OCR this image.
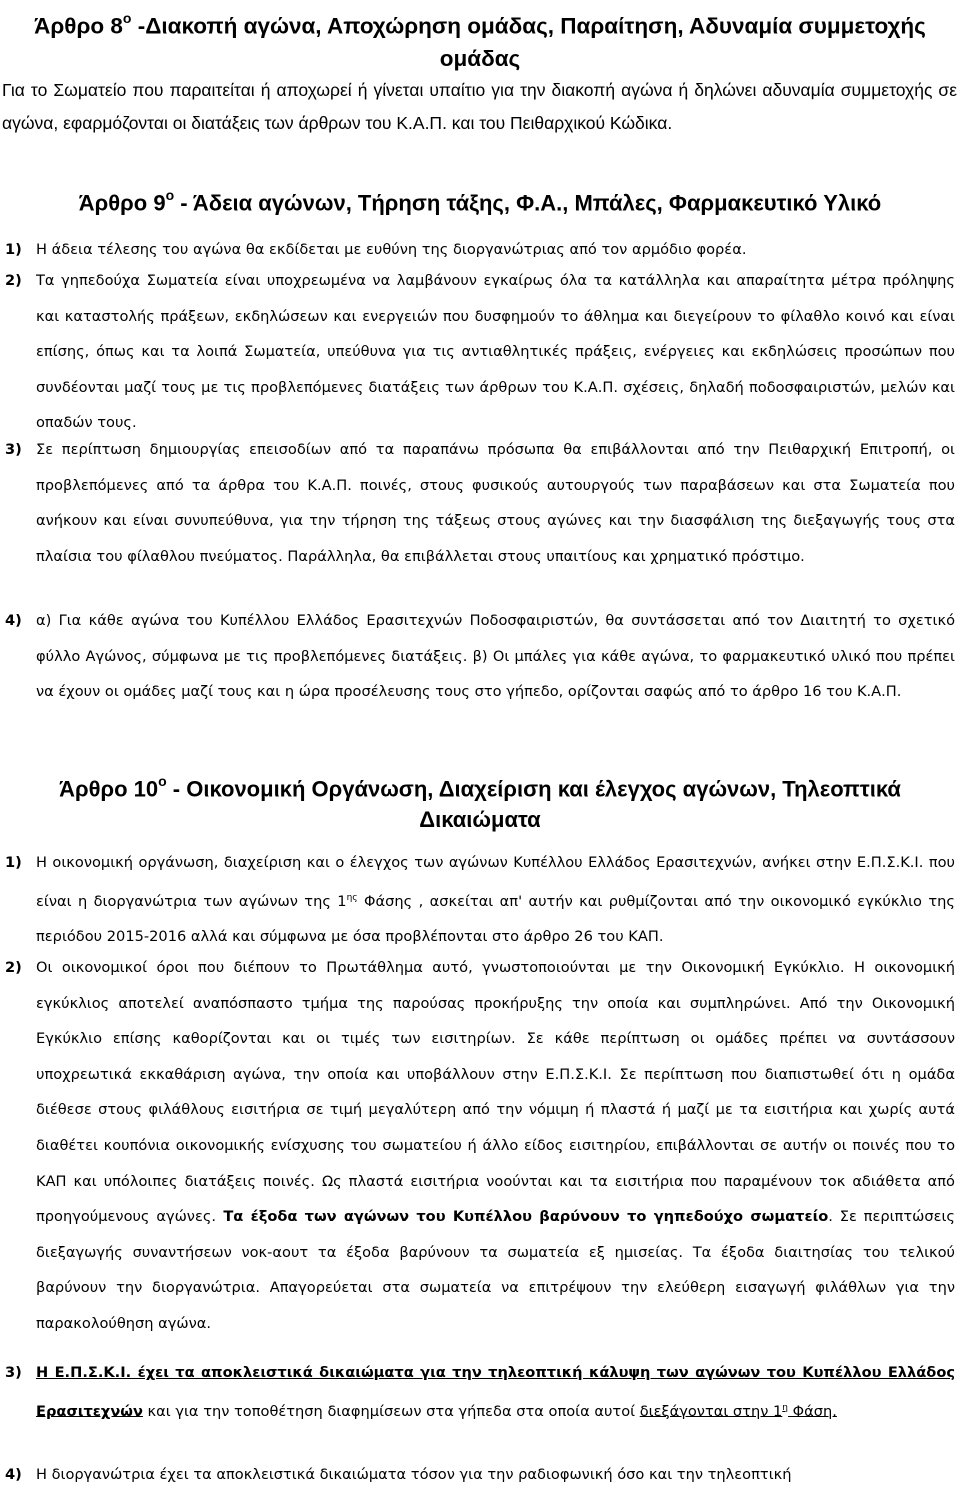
Άρθρο $8^o$ -Διακοπή αγώνα, Αποχώρηση ομάδας, Παραίτηση, Αδυναμία συμμετοχής ομάδας

Για το Σωματείο που παραιτείται ή αποχωρεί ή γίνεται υπαίτιο για την διακοπή αγώνα ή δηλώνει αδυναμία συμμετοχής σε αγώνα, εφαρμόζονται οι διατάξεις των άρθρων του Κ.Α.Π. και του Πειθαρχικού Κώδικα.

Άρθρο $9^o$ - Άδεια αγώνων, Τήρηση τάξης, Φ.Α., Μπάλες, Φαρμακευτικό Υλικό
1) Η άδεια τέλεσης του αγώνα θα εκδίδεται με ευθύνη της διοργανώτριας από τον αρμόδιο φορέα.
2) Τα γηπεδούχα Σωματεία είναι υποχρεωμένα να λαμβάνουν εγκαίρως όλα τα κατάλληλα και απαραίτητα μέτρα πρόληψης και καταστολής πράξεων, εκδηλώσεων και ενεργειών που δυσφημούν το άθλημα και διεγείρουν το φίλαθλο κοινό και είναι επίσης, όπως και τα λοιπά Σωματεία, υπεύθυνα για τις αντιαθλητικές πράξεις, ενέργειες και εκδηλώσεις προσώπων που συνδέονται μαζί τους με τις προβλεπόμενες διατάξεις των άρθρων του Κ.Α.Π. σχέσεις, δηλαδή ποδοσφαιριστών, μελών και οπαδών τους.
3) Σε περίπτωση δημιουργίας επεισοδίων από τα παραπάνω πρόσωπα θα επιβάλλονται από την Πειθαρχική Επιτροπή, οι προβλεπόμενες από τα άρθρα του Κ.Α.Π. ποινές, στους φυσικούς αυτουργούς των παραβάσεων και στα Σωματεία που ανήκουν και είναι συνυπεύθυνα, για την τήρηση της τάξεως στους αγώνες και την διασφάλιση της διεξαγωγής τους στα πλαίσια του φίλαθλου πνεύματος. Παράλληλα, θα επιβάλλεται στους υπαιτίους και χρηματικό πρόστιμο.
4) α) Για κάθε αγώνα του Κυπέλλου Ελλάδος Ερασιτεχνών Ποδοσφαιριστών, θα συντάσσεται από τον Διαιτητή το σχετικό φύλλο Αγώνος, σύμφωνα με τις προβλεπόμενες διατάξεις. β) Οι μπάλες για κάθε αγώνα, το φαρμακευτικό υλικό που πρέπει να έχουν οι ομάδες μαζί τους και η ώρα προσέλευσης τους στο γήπεδο, ορίζονται σαφώς από το άρθρο 16 του Κ.Α.Π.
Άρθρο $10^o$ - Οικονομική Οργάνωση, Διαχείριση και έλεγχος αγώνων, Τηλεοπτικά Δικαιώματα
1) Η οικονομική οργάνωση, διαχείριση και ο έλεγχος των αγώνων Κυπέλλου Ελλάδος Ερασιτεχνών, ανήκει στην Ε.Π.Σ.Κ.Ι. που είναι η διοργανώτρια των αγώνων της $1^{\eta\varsigma}$ Φάσης , ασκείται απ' αυτήν και ρυθμίζονται από την οικονομικό εγκύκλιο της περιόδου 2015-2016 αλλά και σύμφωνα με όσα προβλέπονται στο άρθρο 26 του ΚΑΠ.
2) Οι οικονομικοί όροι που διέπουν το Πρωτάθλημα αυτό, γνωστοποιούνται με την Οικονομική Εγκύκλιο. Η οικονομική εγκύκλιος αποτελεί αναπόσπαστο τμήμα της παρούσας προκήρυξης την οποία και συμπληρώνει. Από την Οικονομική Εγκύκλιο επίσης καθορίζονται και οι τιμές των εισιτηρίων. Σε κάθε περίπτωση οι ομάδες πρέπει να συντάσσουν υποχρεωτικά εκκαθάριση αγώνα, την οποία και υποβάλλουν στην Ε.Π.Σ.Κ.Ι. Σε περίπτωση που διαπιστωθεί ότι η ομάδα διέθεσε στους φιλάθλους εισιτήρια σε τιμή μεγαλύτερη από την νόμιμη ή πλαστά ή μαζί με τα εισιτήρια και χωρίς αυτά διαθέτει κουπόνια οικονομικής ενίσχυσης του σωματείου ή άλλο είδος εισιτηρίου, επιβάλλονται σε αυτήν οι ποινές που το ΚΑΠ και υπόλοιπες διατάξεις ποινές. Ως πλαστά εισιτήρια νοούνται και τα εισιτήρια που παραμένουν τοκ αδιάθετα από προηγούμενους αγώνες. Τα έξοδα των αγώνων του Κυπέλλου βαρύνουν το γηπεδούχο σωματείο. Σε περιπτώσεις διεξαγωγής συναντήσεων νοκ-αουτ τα έξοδα βαρύνουν τα σωματεία εξ ημισείας. Τα έξοδα διαιτησίας του τελικού βαρύνουν την διοργανώτρια. Απαγορεύεται στα σωματεία να επιτρέψουν την ελεύθερη εισαγωγή φιλάθλων για την παρακολούθηση αγώνα.
3) Η Ε.Π.Σ.Κ.Ι. έχει τα αποκλειστικά δικαιώματα για την τηλεοπτική κάλυψη των αγώνων του Κυπέλλου Ελλάδος Ερασιτεχνών και για την τοποθέτηση διαφημίσεων στα γήπεδα στα οποία αυτοί διεξάγονται στην $1^\eta$ Φάση.
4) Η διοργανώτρια έχει τα αποκλειστικά δικαιώματα τόσον για την ραδιοφωνική όσο και την τηλεοπτική
